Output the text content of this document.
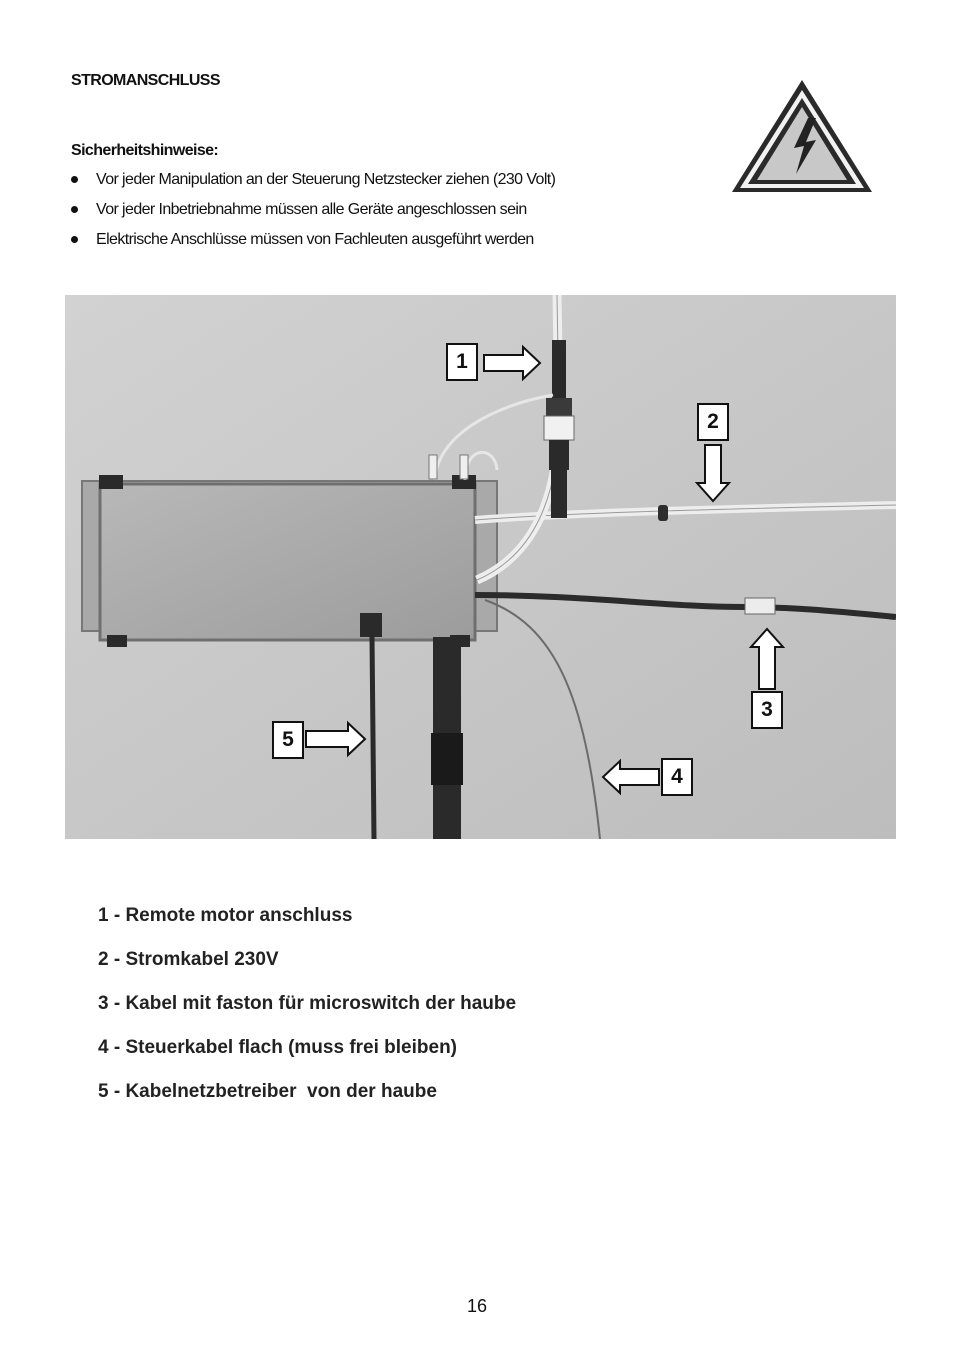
STROMANSCHLUSS
Sicherheitshinweise:
Vor jeder Manipulation an der Steuerung Netzstecker ziehen (230 Volt)
Vor jeder Inbetriebnahme müssen alle Geräte angeschlossen sein
Elektrische Anschlüsse müssen von Fachleuten ausgeführt werden
1
2
3
4
5
1 - Remote motor anschluss
2 - Stromkabel 230V
3 - Kabel mit faston für microswitch der haube
4 - Steuerkabel flach (muss frei bleiben)
5 - Kabelnetzbetreiber  von der haube
16
